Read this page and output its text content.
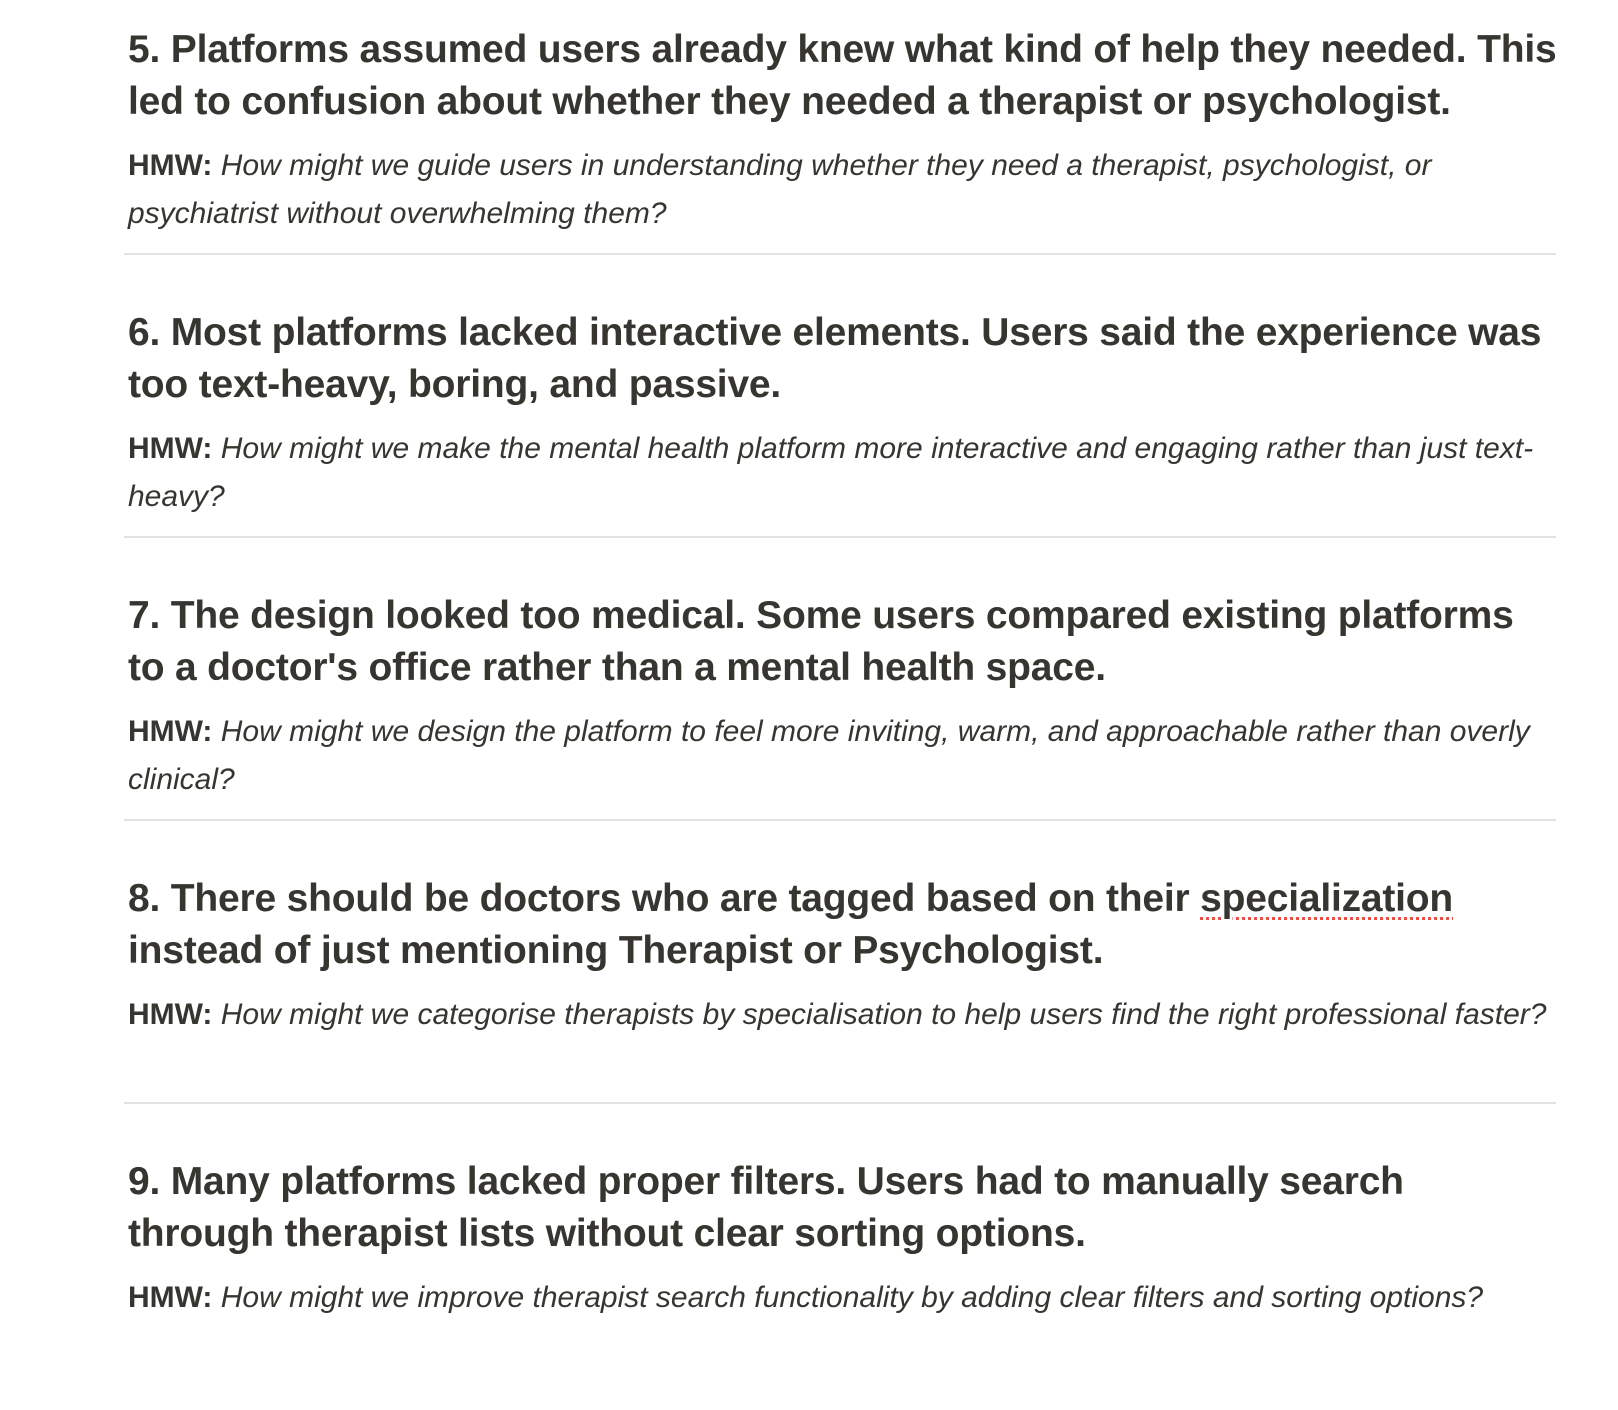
5. Platforms assumed users already knew what kind of help they needed. This led to confusion about whether they needed a therapist or psychologist.

HMW: How might we guide users in understanding whether they need a therapist, psychologist, or psychiatrist without overwhelming them?

6. Most platforms lacked interactive elements. Users said the experience was too text-heavy, boring, and passive.

HMW: How might we make the mental health platform more interactive and engaging rather than just text-heavy?

7. The design looked too medical. Some users compared existing platforms to a doctor's office rather than a mental health space.

HMW: How might we design the platform to feel more inviting, warm, and approachable rather than overly clinical?

8. There should be doctors who are tagged based on their specialization instead of just mentioning Therapist or Psychologist.

HMW: How might we categorise therapists by specialisation to help users find the right professional faster?

9. Many platforms lacked proper filters. Users had to manually search through therapist lists without clear sorting options.

HMW: How might we improve therapist search functionality by adding clear filters and sorting options?
